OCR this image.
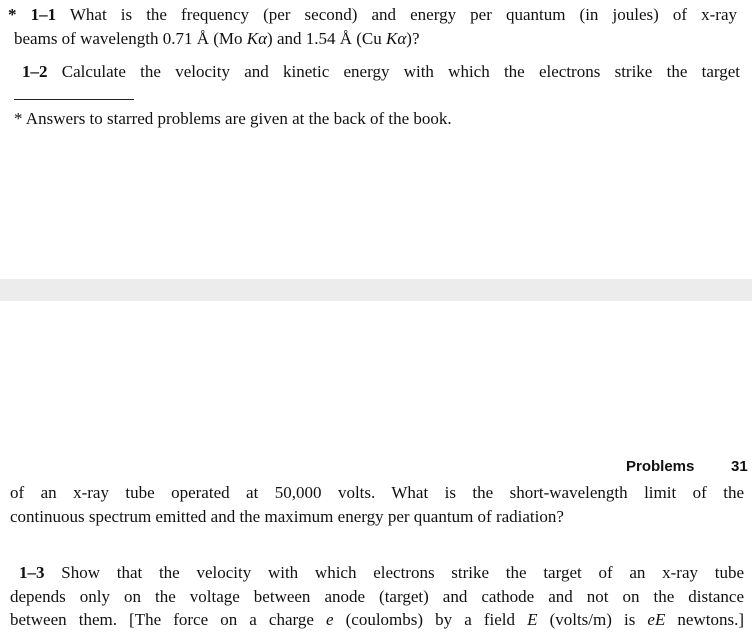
* 1–1 What is the frequency (per second) and energy per quantum (in joules) of x-ray
beams of wavelength 0.71 Å (Mo Kα) and 1.54 Å (Cu Kα)?
1–2 Calculate the velocity and kinetic energy with which the electrons strike the target
* Answers to starred problems are given at the back of the book.
Problems 31
of an x-ray tube operated at 50,000 volts. What is the short-wavelength limit of the
continuous spectrum emitted and the maximum energy per quantum of radiation?
1–3 Show that the velocity with which electrons strike the target of an x-ray tube
depends only on the voltage between anode (target) and cathode and not on the distance
between them. [The force on a charge e (coulombs) by a field E (volts/m) is eE newtons.]
